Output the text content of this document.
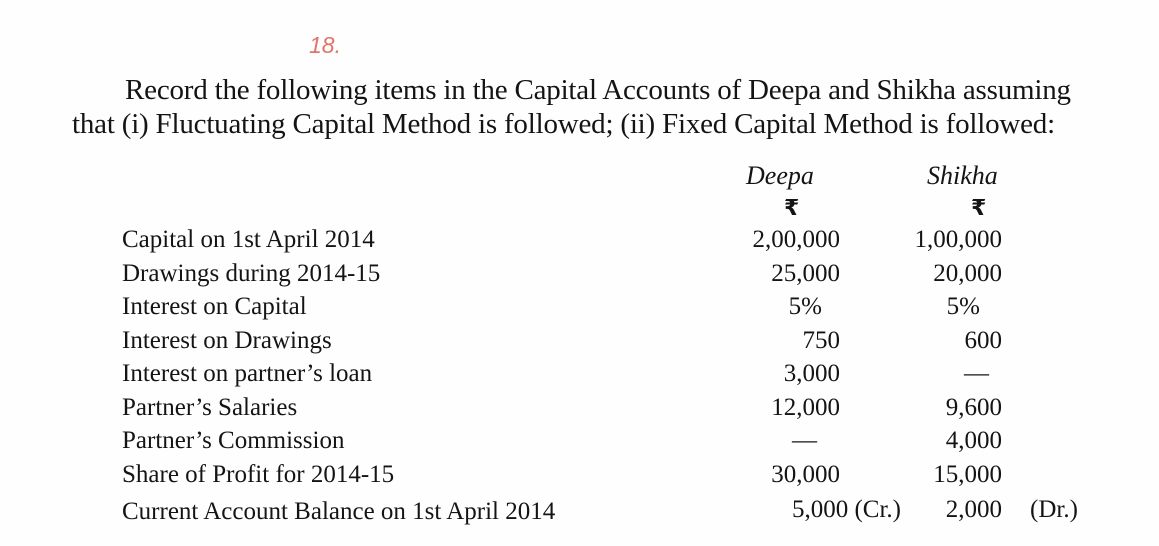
18.
Record the following items in the Capital Accounts of Deepa and Shikha assuming
that (i) Fluctuating Capital Method is followed; (ii) Fixed Capital Method is followed:
Deepa	Shikha
₹	₹
Capital on 1st April 2014	2,00,000	1,00,000
Drawings during 2014-15	25,000	20,000
Interest on Capital	5%	5%
Interest on Drawings	750	600
Interest on partner’s loan	3,000	—
Partner’s Salaries	12,000	9,600
Partner’s Commission	—	4,000
Share of Profit for 2014-15	30,000	15,000
Current Account Balance on 1st April 2014	5,000 (Cr.) 2,000 (Dr.)
